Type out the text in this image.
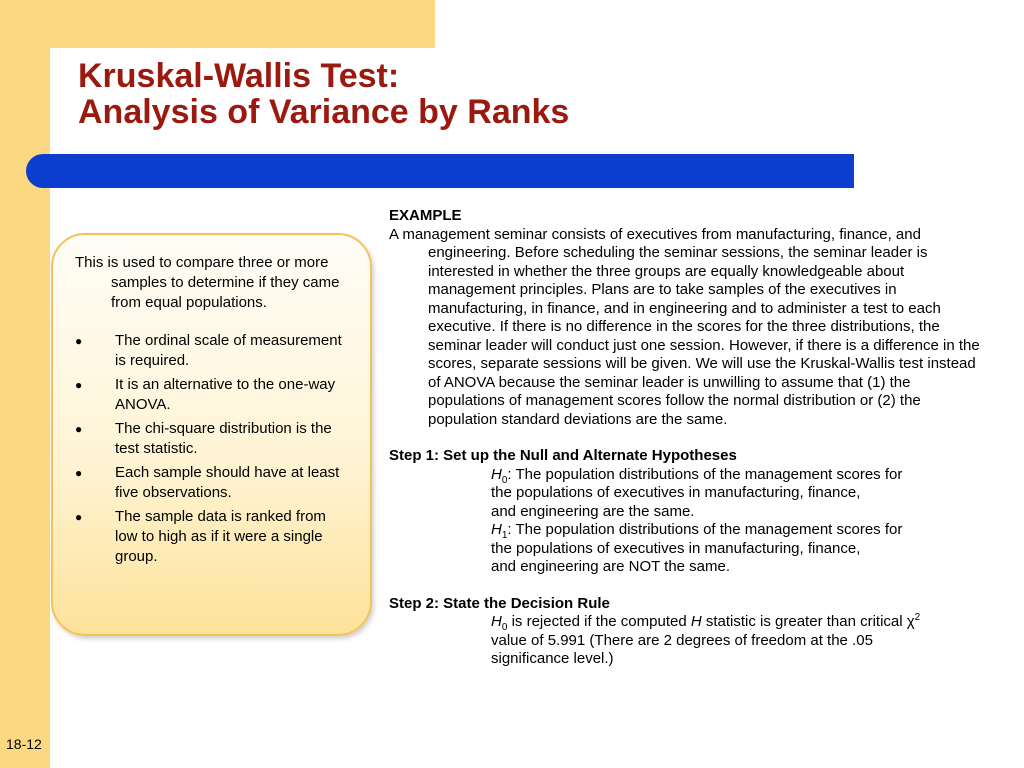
Kruskal-Wallis Test:
Analysis of Variance by Ranks

This is used to compare three or more samples to determine if they came from equal populations.

● The ordinal scale of measurement is required.
● It is an alternative to the one-way ANOVA.
● The chi-square distribution is the test statistic.
● Each sample should have at least five observations.
● The sample data is ranked from low to high as if it were a single group.
EXAMPLE

A management seminar consists of executives from manufacturing, finance, and engineering. Before scheduling the seminar sessions, the seminar leader is interested in whether the three groups are equally knowledgeable about management principles. Plans are to take samples of the executives in manufacturing, in finance, and in engineering and to administer a test to each executive. If there is no difference in the scores for the three distributions, the seminar leader will conduct just one session. However, if there is a difference in the scores, separate sessions will be given. We will use the Kruskal-Wallis test instead of ANOVA because the seminar leader is unwilling to assume that (1) the populations of management scores follow the normal distribution or (2) the population standard deviations are the same.

Step 1: Set up the Null and Alternate Hypotheses

$H_0$: The population distributions of the management scores for

the populations of executives in manufacturing, finance,

and engineering are the same.

$H_1$: The population distributions of the management scores for

the populations of executives in manufacturing, finance,

and engineering are NOT the same.

Step 2: State the Decision Rule

$H_0$ is rejected if the computed H statistic is greater than critical $\chi^2$

value of 5.991 (There are 2 degrees of freedom at the .05

significance level.)

18-12
